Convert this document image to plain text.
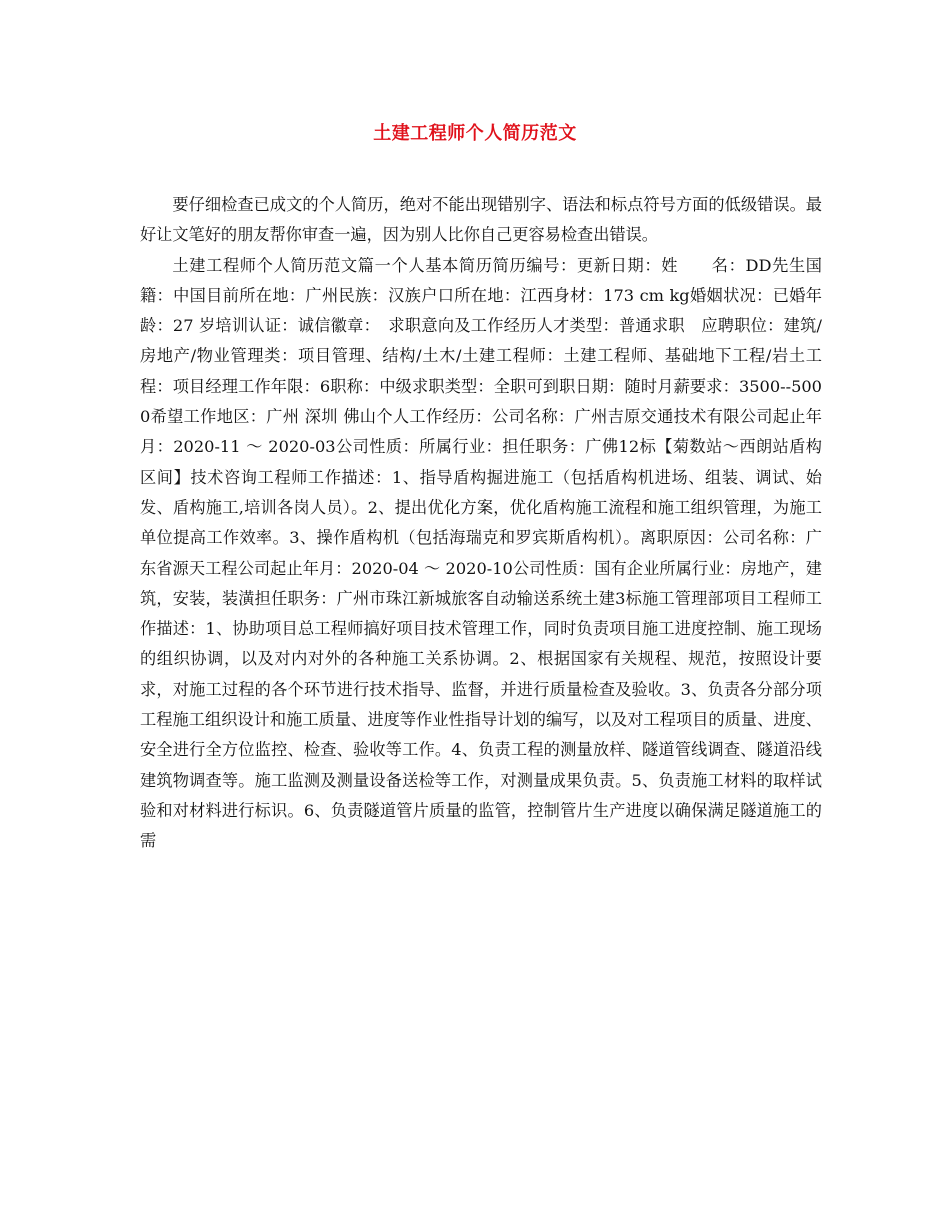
土建工程师个人简历范文

要仔细检查已成文的个人简历，绝对不能出现错别字、语法和标点符号方面的低级错误。最好让文笔好的朋友帮你审查一遍，因为别人比你自己更容易检查出错误。

土建工程师个人简历范文篇一个人基本简历简历编号：更新日期：姓　　名：DD先生国籍：中国目前所在地：广州民族：汉族户口所在地：江西身材：173 cm kg婚姻状况：已婚年龄：27 岁培训认证：诚信徽章：　求职意向及工作经历人才类型：普通求职　应聘职位：建筑/房地产/物业管理类：项目管理、结构/土木/土建工程师：土建工程师、基础地下工程/岩土工程：项目经理工作年限：6职称：中级求职类型：全职可到职日期：随时月薪要求：3500--5000希望工作地区：广州 深圳 佛山个人工作经历：公司名称：广州吉原交通技术有限公司起止年月：2020-11 ～ 2020-03公司性质：所属行业：担任职务：广佛12标【菊数站～西朗站盾构区间】技术咨询工程师工作描述：1、指导盾构掘进施工（包括盾构机进场、组装、调试、始发、盾构施工,培训各岗人员）。2、提出优化方案，优化盾构施工流程和施工组织管理，为施工单位提高工作效率。3、操作盾构机（包括海瑞克和罗宾斯盾构机）。离职原因：公司名称：广东省源天工程公司起止年月：2020-04 ～ 2020-10公司性质：国有企业所属行业：房地产，建筑，安装，装潢担任职务：广州市珠江新城旅客自动输送系统土建3标施工管理部项目工程师工作描述：1、协助项目总工程师搞好项目技术管理工作，同时负责项目施工进度控制、施工现场的组织协调，以及对内对外的各种施工关系协调。2、根据国家有关规程、规范，按照设计要求，对施工过程的各个环节进行技术指导、监督，并进行质量检查及验收。3、负责各分部分项工程施工组织设计和施工质量、进度等作业性指导计划的编写，以及对工程项目的质量、进度、安全进行全方位监控、检查、验收等工作。4、负责工程的测量放样、隧道管线调查、隧道沿线建筑物调查等。施工监测及测量设备送检等工作，对测量成果负责。5、负责施工材料的取样试验和对材料进行标识。6、负责隧道管片质量的监管，控制管片生产进度以确保满足隧道施工的需
